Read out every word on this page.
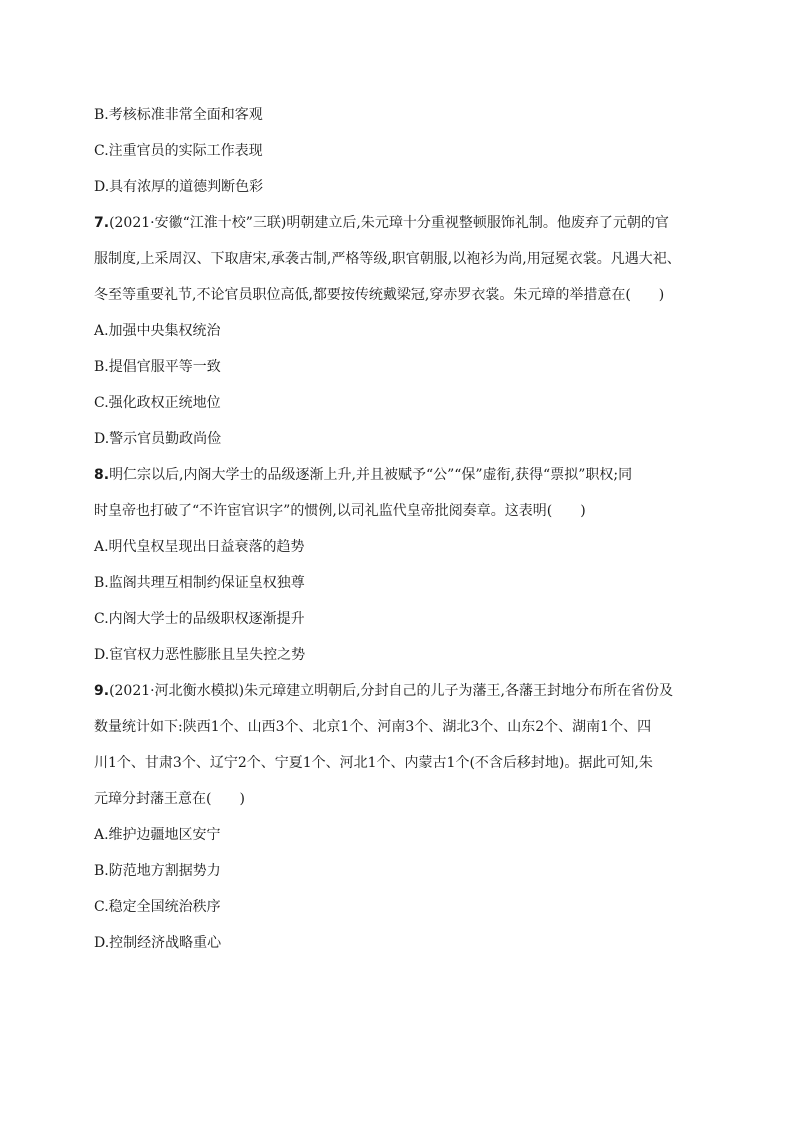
B.考核标准非常全面和客观
C.注重官员的实际工作表现
D.具有浓厚的道德判断色彩
7.(2021·安徽“江淮十校”三联)明朝建立后,朱元璋十分重视整顿服饰礼制。他废弃了元朝的官
服制度,上采周汉、下取唐宋,承袭古制,严格等级,职官朝服,以袍衫为尚,用冠冕衣裳。凡遇大祀、
冬至等重要礼节,不论官员职位高低,都要按传统戴梁冠,穿赤罗衣裳。朱元璋的举措意在(　　)
A.加强中央集权统治
B.提倡官服平等一致
C.强化政权正统地位
D.警示官员勤政尚俭
8.明仁宗以后,内阁大学士的品级逐渐上升,并且被赋予“公”“保”虚衔,获得“票拟”职权;同
时皇帝也打破了“不许宦官识字”的惯例,以司礼监代皇帝批阅奏章。这表明(　　)
A.明代皇权呈现出日益衰落的趋势
B.监阁共理互相制约保证皇权独尊
C.内阁大学士的品级职权逐渐提升
D.宦官权力恶性膨胀且呈失控之势
9.(2021·河北衡水模拟)朱元璋建立明朝后,分封自己的儿子为藩王,各藩王封地分布所在省份及
数量统计如下:陕西1个、山西3个、北京1个、河南3个、湖北3个、山东2个、湖南1个、四
川1个、甘肃3个、辽宁2个、宁夏1个、河北1个、内蒙古1个(不含后移封地)。据此可知,朱
元璋分封藩王意在(　　)
A.维护边疆地区安宁
B.防范地方割据势力
C.稳定全国统治秩序
D.控制经济战略重心
